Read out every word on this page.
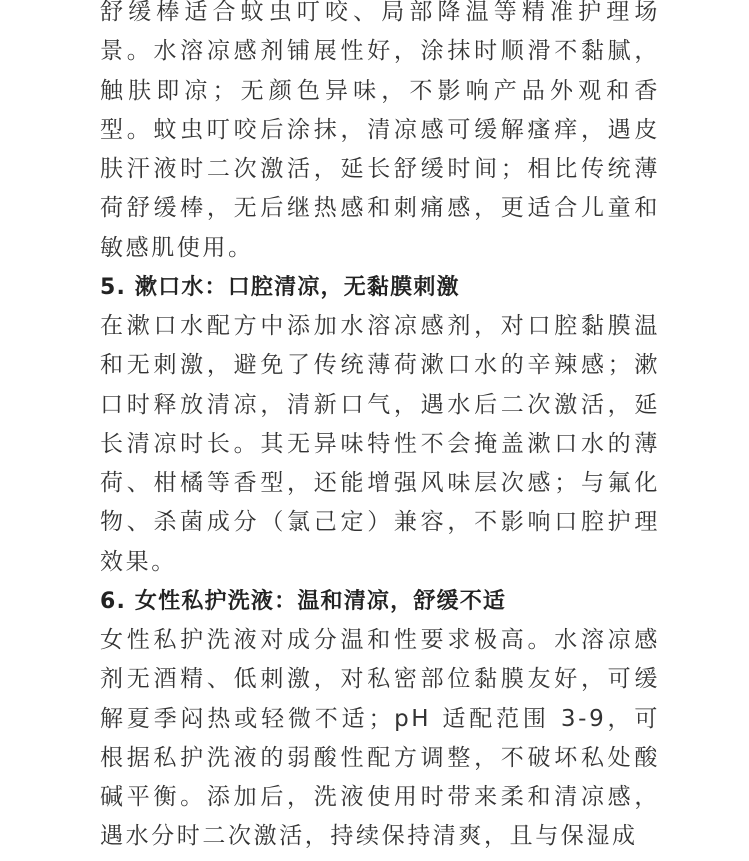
舒缓棒适合蚊虫叮咬、局部降温等精准护理场景。水溶凉感剂铺展性好，涂抹时顺滑不黏腻，触肤即凉；无颜色异味，不影响产品外观和香型。蚊虫叮咬后涂抹，清凉感可缓解瘙痒，遇皮肤汗液时二次激活，延长舒缓时间；相比传统薄荷舒缓棒，无后继热感和刺痛感，更适合儿童和敏感肌使用。

5. 漱口水：口腔清凉，无黏膜刺激

在漱口水配方中添加水溶凉感剂，对口腔黏膜温和无刺激，避免了传统薄荷漱口水的辛辣感；漱口时释放清凉，清新口气，遇水后二次激活，延长清凉时长。其无异味特性不会掩盖漱口水的薄荷、柑橘等香型，还能增强风味层次感；与氟化物、杀菌成分（氯己定）兼容，不影响口腔护理效果。

6. 女性私护洗液：温和清凉，舒缓不适

女性私护洗液对成分温和性要求极高。水溶凉感剂无酒精、低刺激，对私密部位黏膜友好，可缓解夏季闷热或轻微不适；pH 适配范围 3-9，可根据私护洗液的弱酸性配方调整，不破坏私处酸碱平衡。添加后，洗液使用时带来柔和清凉感，遇水分时二次激活，持续保持清爽，且与保湿成
